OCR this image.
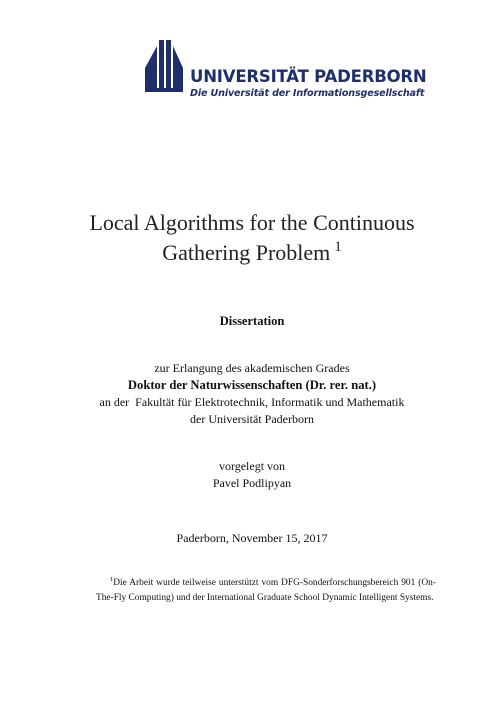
UNIVERSITÄT PADERBORN
Die Universität der Informationsgesellschaft
Local Algorithms for the Continuous
Gathering Problem $^1$
Dissertation
zur Erlangung des akademischen Grades
Doktor der Naturwissenschaften (Dr. rer. nat.)
an der  Fakultät für Elektrotechnik, Informatik und Mathematik
der Universität Paderborn
vorgelegt von
Pavel Podlipyan
Paderborn, November 15, 2017
$^1$Die Arbeit wurde teilweise unterstützt vom DFG-Sonderforschungsbereich 901 (On-The-Fly Computing) und der International Graduate School Dynamic Intelligent Systems.
